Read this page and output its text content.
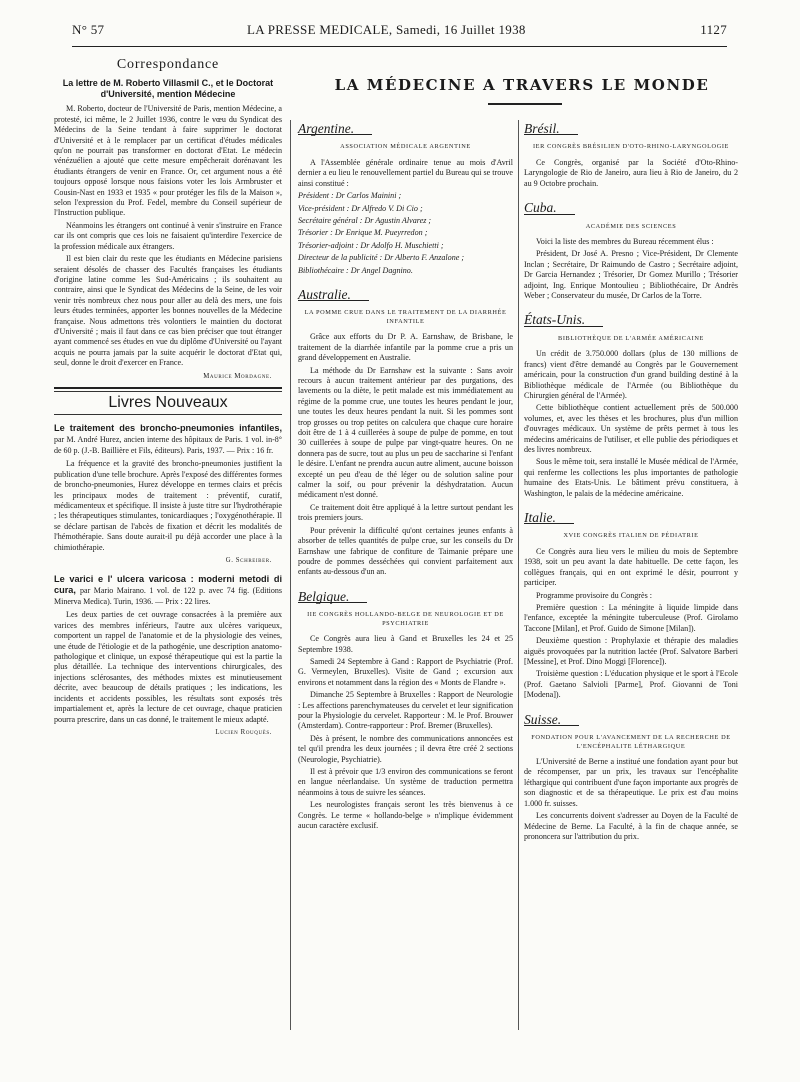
N° 57	LA PRESSE MEDICALE, Samedi, 16 Juillet 1938	1127
LA MÉDECINE A TRAVERS LE MONDE
Correspondance
La lettre de M. Roberto Villasmil C., et le Doctorat d'Université, mention Médecine

M. Roberto, docteur de l'Université de Paris, mention Médecine, a protesté, ici même, le 2 Juillet 1936, contre le vœu du Syndicat des Médecins de la Seine tendant à faire supprimer le doctorat d'Université et à le remplacer par un certificat d'études médicales qu'on ne pourrait pas transformer en doctorat d'Etat. Le médecin vénézuélien a ajouté que cette mesure empêcherait dorénavant les étudiants étrangers de venir en France. Or, cet argument nous a été toujours opposé lorsque nous faisions voter les lois Armbruster et Cousin-Nast en 1933 et 1935 « pour protéger les fils de la Maison », selon l'expression du Prof. Fedel, membre du Conseil supérieur de l'Instruction publique.

Néanmoins les étrangers ont continué à venir s'instruire en France car ils ont compris que ces lois ne faisaient qu'interdire l'exercice de la profession médicale aux étrangers.

Il est bien clair du reste que les étudiants en Médecine parisiens seraient désolés de chasser des Facultés françaises les étudiants d'origine latine comme les Sud-Américains ; ils souhaitent au contraire, ainsi que le Syndicat des Médecins de la Seine, de les voir venir très nombreux chez nous pour aller au delà des mers, une fois leurs études terminées, apporter les bonnes nouvelles de la Médecine française. Nous admettons très volontiers le maintien du doctorat d'Université ; mais il faut dans ce cas bien préciser que tout étranger ayant commencé ses études en vue du diplôme d'Université ou l'ayant acquis ne pourra jamais par la suite acquérir le doctorat d'Etat qui, seul, donne le droit d'exercer en France.

Maurice Mordagne.
Livres Nouveaux
Le traitement des broncho-pneumonies infantiles, par M. André Hurez, ancien interne des hôpitaux de Paris. 1 vol. in-8° de 60 p. (J.-B. Baillière et Fils, éditeurs). Paris, 1937. — Prix : 16 fr.

La fréquence et la gravité des broncho-pneumonies justifient la publication d'une telle brochure. Après l'exposé des différentes formes de broncho-pneumonies, Hurez développe en termes clairs et précis les principaux modes de traitement : préventif, curatif, médicamenteux et spécifique. Il insiste à juste titre sur l'hydrothérapie ; les thérapeutiques stimulantes, tonicardiaques ; l'oxygénothérapie. Il se déclare partisan de l'abcès de fixation et décrit les modalités de l'hémothérapie. Sans doute aurait-il pu déjà accorder une place à la chimiothérapie.

G. Schreiber.
Le varici e l' ulcera varicosa : moderni metodi di cura, par Mario Mairano. 1 vol. de 122 p. avec 74 fig. (Editions Minerva Medica). Turin, 1936. — Prix : 22 lires.

Les deux parties de cet ouvrage consacrées à la première aux varices des membres inférieurs, l'autre aux ulcères variqueux, comportent un rappel de l'anatomie et de la physiologie des veines, une étude de l'étiologie et de la pathogénie, une description anatomo-pathologique et clinique, un exposé thérapeutique qui est la partie la plus détaillée. La technique des interventions chirurgicales, des injections sclérosantes, des méthodes mixtes est minutieusement décrite, avec beaucoup de détails pratiques ; les indications, les incidents et accidents possibles, les résultats sont exposés très impartialement et, après la lecture de cet ouvrage, chaque praticien pourra prescrire, dans un cas donné, le traitement le mieux adapté.

Lucien Rouquès.
Argentine.
ASSOCIATION MÉDICALE ARGENTINE

A l'Assemblée générale ordinaire tenue au mois d'Avril dernier a eu lieu le renouvellement partiel du Bureau qui se trouve ainsi constitué :

Président : Dr Carlos Mainini ;

Vice-président : Dr Alfredo V. Di Cio ;

Secrétaire général : Dr Agustin Alvarez ;

Trésorier : Dr Enrique M. Pueyrredon ;

Trésorier-adjoint : Dr Adolfo H. Muschietti ;

Directeur de la publicité : Dr Alberto F. Anzalone ;

Bibliothécaire : Dr Angel Dagnino.

Australie.
LA POMME CRUE DANS LE TRAITEMENT DE LA DIARRHÉE INFANTILE

Grâce aux efforts du Dr P. A. Earnshaw, de Brisbane, le traitement de la diarrhée infantile par la pomme crue a pris un grand développement en Australie.

La méthode du Dr Earnshaw est la suivante : Sans avoir recours à aucun traitement antérieur par des purgations, des lavements ou la diète, le petit malade est mis immédiatement au régime de la pomme crue, une toutes les heures pendant le jour, une toutes les deux heures pendant la nuit. Si les pommes sont trop grosses ou trop petites on calculera que chaque cure horaire doit être de 1 à 4 cuillerées à soupe de pulpe de pomme, en tout 30 cuillerées à soupe de pulpe par vingt-quatre heures. On ne donnera pas de sucre, tout au plus un peu de saccharine si l'enfant le désire. L'enfant ne prendra aucun autre aliment, aucune boisson excepté un peu d'eau de thé léger ou de solution saline pour calmer la soif, ou pour prévenir la déshydratation. Aucun médicament n'est donné.

Ce traitement doit être appliqué à la lettre surtout pendant les trois premiers jours.

Pour prévenir la difficulté qu'ont certaines jeunes enfants à absorber de telles quantités de pulpe crue, sur les conseils du Dr Earnshaw une fabrique de confiture de Taimanie prépare une poudre de pommes desséchées qui convient parfaitement aux enfants au-dessous d'un an.

Belgique.
IIE CONGRÈS HOLLANDO-BELGE DE NEUROLOGIE ET DE PSYCHIATRIE

Ce Congrès aura lieu à Gand et Bruxelles les 24 et 25 Septembre 1938.

Samedi 24 Septembre à Gand : Rapport de Psychiatrie (Prof. G. Vermeylen, Bruxelles). Visite de Gand ; excursion aux environs et notamment dans la région des « Monts de Flandre ».

Dimanche 25 Septembre à Bruxelles : Rapport de Neurologie : Les affections parenchymateuses du cervelet et leur signification pour la Physiologie du cervelet. Rapporteur : M. le Prof. Brouwer (Amsterdam). Contre-rapporteur : Prof. Bremer (Bruxelles).

Dès à présent, le nombre des communications annoncées est tel qu'il prendra les deux journées ; il devra être créé 2 sections (Neurologie, Psychiatrie).

Il est à prévoir que 1/3 environ des communications se feront en langue néerlandaise. Un système de traduction permettra néanmoins à tous de suivre les séances.

Les neurologistes français seront les très bienvenus à ce Congrès. Le terme « hollando-belge » n'implique évidemment aucun caractère exclusif.

Brésil.
IER CONGRÈS BRÉSILIEN D'OTO-RHINO-LARYNGOLOGIE

Ce Congrès, organisé par la Société d'Oto-Rhino-Laryngologie de Rio de Janeiro, aura lieu à Rio de Janeiro, du 2 au 9 Octobre prochain.

Cuba.
ACADÉMIE DES SCIENCES

Voici la liste des membres du Bureau récemment élus :

Président, Dr José A. Presno ; Vice-Président, Dr Clemente Inclan ; Secrétaire, Dr Raimundo de Castro ; Secrétaire adjoint, Dr Garcia Hernandez ; Trésorier, Dr Gomez Murillo ; Trésorier adjoint, Ing. Enrique Montoulieu ; Bibliothécaire, Dr Andrès Weber ; Conservateur du musée, Dr Carlos de la Torre.

États-Unis.
BIBLIOTHÈQUE DE L'ARMÉE AMÉRICAINE

Un crédit de 3.750.000 dollars (plus de 130 millions de francs) vient d'être demandé au Congrès par le Gouvernement américain, pour la construction d'un grand building destiné à la Bibliothèque médicale de l'Armée (ou Bibliothèque du Chirurgien général de l'Armée).

Cette bibliothèque contient actuellement près de 500.000 volumes, et, avec les thèses et les brochures, plus d'un million d'ouvrages médicaux. Un système de prêts permet à tous les médecins américains de l'utiliser, et elle publie des périodiques et des livres nombreux.

Sous le même toit, sera installé le Musée médical de l'Armée, qui renferme les collections les plus importantes de pathologie humaine des Etats-Unis. Le bâtiment prévu constituera, à Washington, le palais de la médecine américaine.

Italie.
XVIE CONGRÈS ITALIEN DE PÉDIATRIE

Ce Congrès aura lieu vers le milieu du mois de Septembre 1938, soit un peu avant la date habituelle. De cette façon, les collègues français, qui en ont exprimé le désir, pourront y participer.

Programme provisoire du Congrès :

Première question : La méningite à liquide limpide dans l'enfance, exceptée la méningite tuberculeuse (Prof. Girolamo Taccone [Milan], et Prof. Guido de Simone [Milan]).

Deuxième question : Prophylaxie et thérapie des maladies aiguës provoquées par la nutrition lactée (Prof. Salvatore Barberi [Messine], et Prof. Dino Moggi [Florence]).

Troisième question : L'éducation physique et le sport à l'Ecole (Prof. Gaetano Salvioli [Parme], Prof. Giovanni de Toni [Modena]).

Suisse.
FONDATION POUR L'AVANCEMENT DE LA RECHERCHE DE L'ENCÉPHALITE LÉTHARGIQUE

L'Université de Berne a institué une fondation ayant pour but de récompenser, par un prix, les travaux sur l'encéphalite léthargique qui contribuent d'une façon importante aux progrès de son diagnostic et de sa thérapeutique. Le prix est d'au moins 1.000 fr. suisses.

Les concurrents doivent s'adresser au Doyen de la Faculté de Médecine de Berne. La Faculté, à la fin de chaque année, se prononcera sur l'attribution du prix.
